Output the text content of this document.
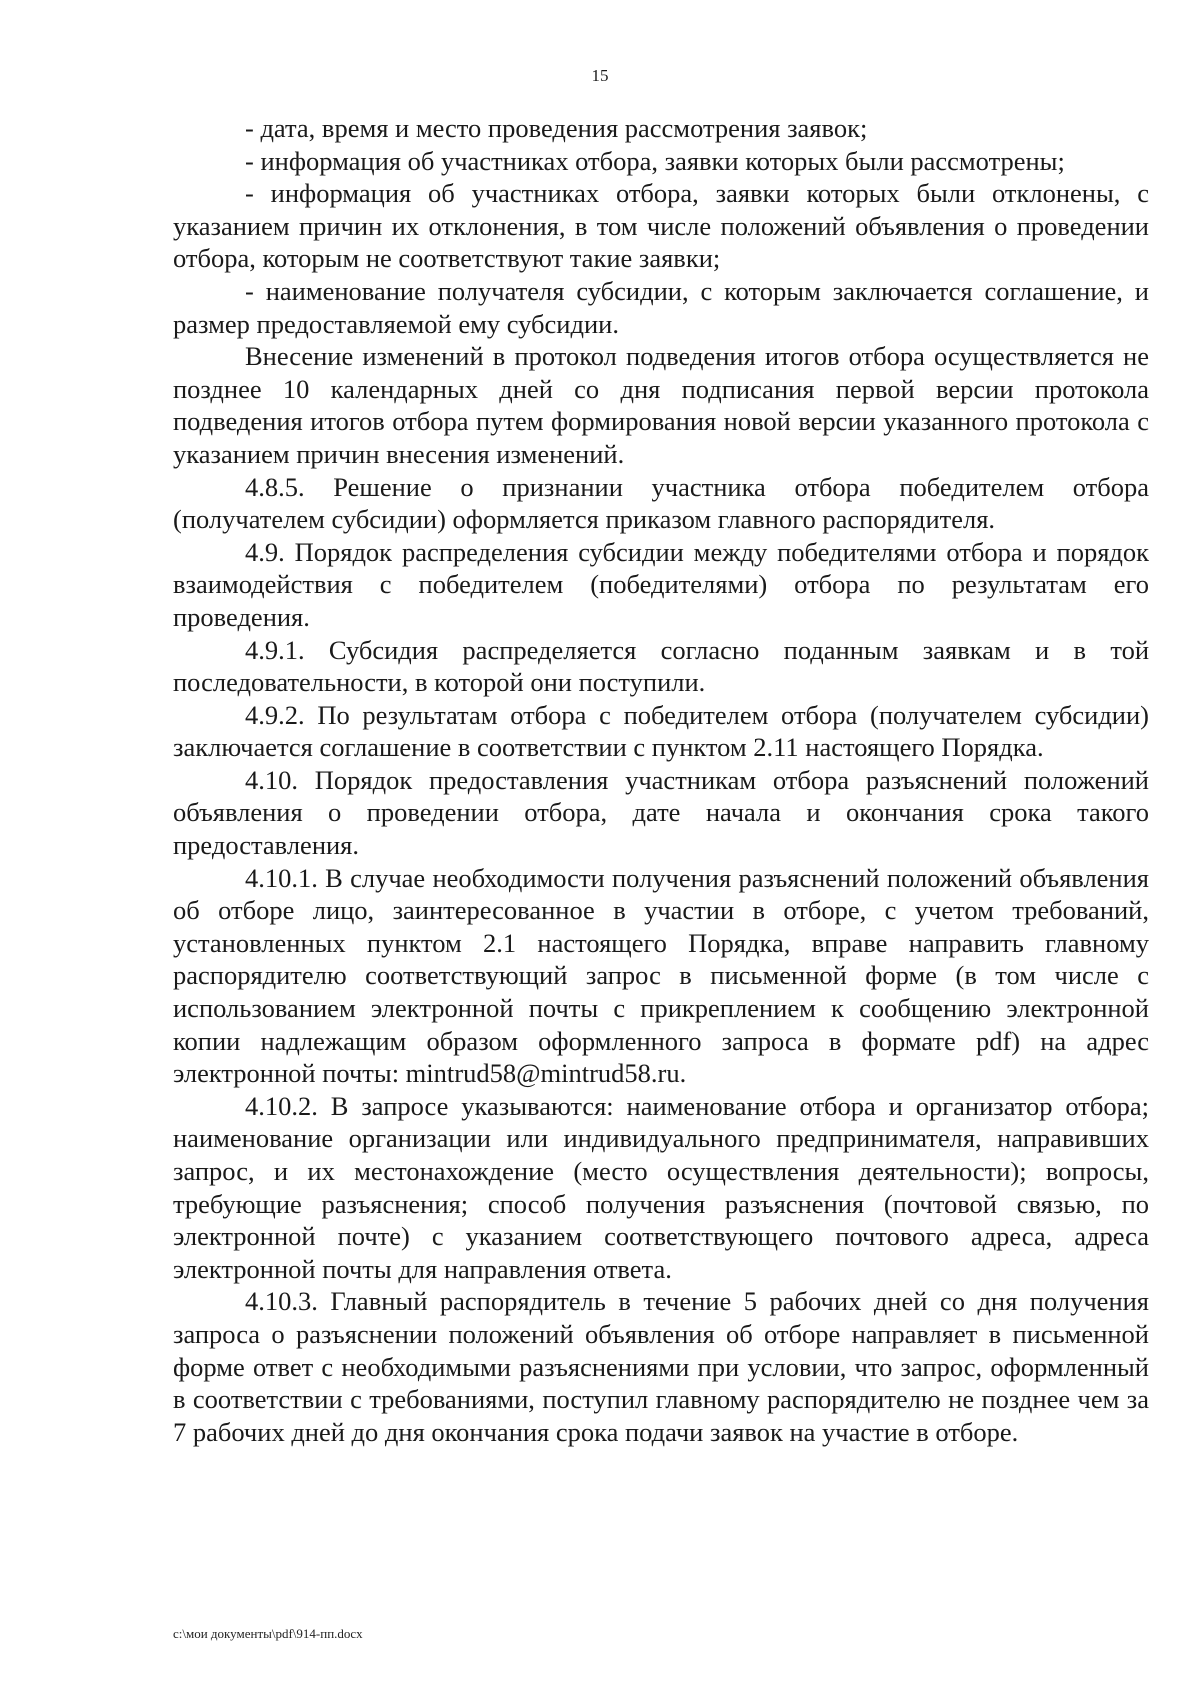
15

- дата, время и место проведения рассмотрения заявок;

- информация об участниках отбора, заявки которых были рассмотрены;

- информация об участниках отбора, заявки которых были отклонены, с указанием причин их отклонения, в том числе положений объявления о проведении отбора, которым не соответствуют такие заявки;

- наименование получателя субсидии, с которым заключается соглашение, и размер предоставляемой ему субсидии.

Внесение изменений в протокол подведения итогов отбора осуществляется не позднее 10 календарных дней со дня подписания первой версии протокола подведения итогов отбора путем формирования новой версии указанного протокола с указанием причин внесения изменений.

4.8.5. Решение о признании участника отбора победителем отбора (получателем субсидии) оформляется приказом главного распорядителя.

4.9. Порядок распределения субсидии между победителями отбора и порядок взаимодействия с победителем (победителями) отбора по результатам его проведения.

4.9.1. Субсидия распределяется согласно поданным заявкам и в той последовательности, в которой они поступили.

4.9.2. По результатам отбора с победителем отбора (получателем субсидии) заключается соглашение в соответствии с пунктом 2.11 настоящего Порядка.

4.10. Порядок предоставления участникам отбора разъяснений положений объявления о проведении отбора, дате начала и окончания срока такого предоставления.

4.10.1. В случае необходимости получения разъяснений положений объявления об отборе лицо, заинтересованное в участии в отборе, с учетом требований, установленных пунктом 2.1 настоящего Порядка, вправе направить главному распорядителю соответствующий запрос в письменной форме (в том числе с использованием электронной почты с прикреплением к сообщению электронной копии надлежащим образом оформленного запроса в формате pdf) на адрес электронной почты: mintrud58@mintrud58.ru.

4.10.2. В запросе указываются: наименование отбора и организатор отбора; наименование организации или индивидуального предпринимателя, направивших запрос, и их местонахождение (место осуществления деятельности); вопросы, требующие разъяснения; способ получения разъяснения (почтовой связью, по электронной почте) с указанием соответствующего почтового адреса, адреса электронной почты для направления ответа.

4.10.3. Главный распорядитель в течение 5 рабочих дней со дня получения запроса о разъяснении положений объявления об отборе направляет в письменной форме ответ с необходимыми разъяснениями при условии, что запрос, оформленный в соответствии с требованиями, поступил главному распорядителю не позднее чем за 7 рабочих дней до дня окончания срока подачи заявок на участие в отборе.

c:\мои документы\pdf\914-пп.docx
